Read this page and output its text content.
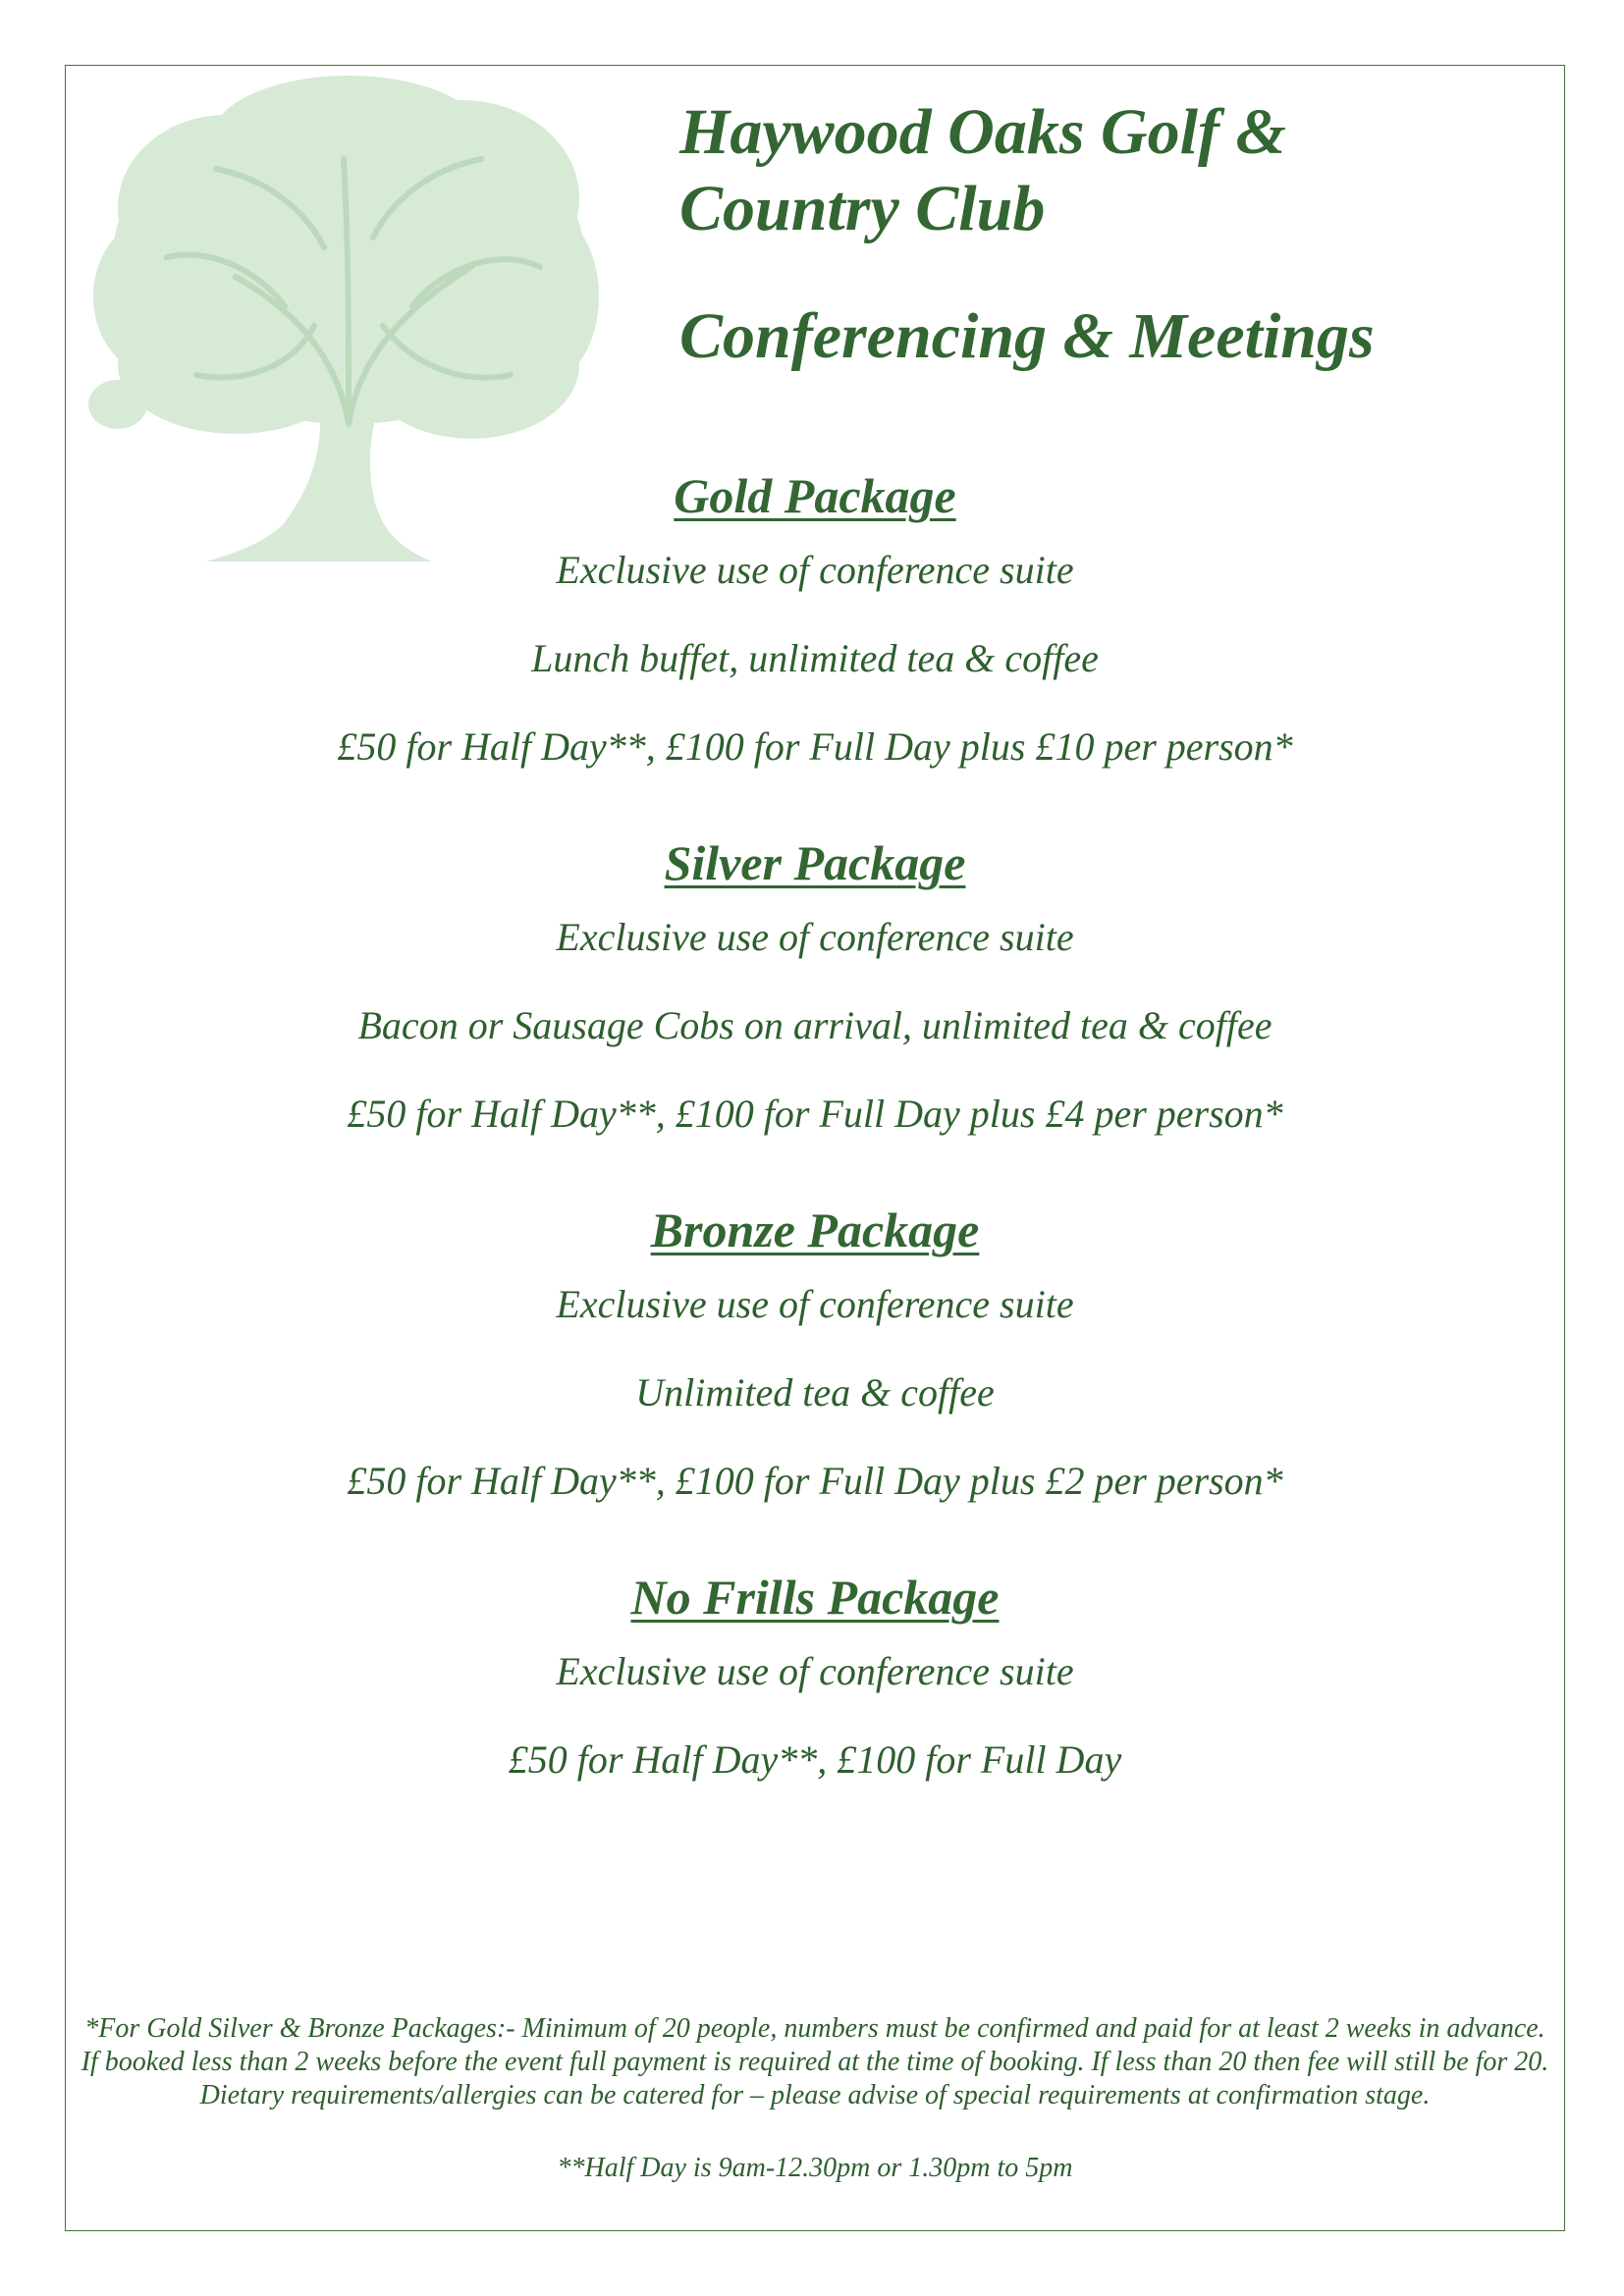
Haywood Oaks Golf &
Country Club

Conferencing & Meetings

Gold Package

Exclusive use of conference suite

Lunch buffet, unlimited tea & coffee

£50 for Half Day**, £100 for Full Day plus £10 per person*

Silver Package

Exclusive use of conference suite

Bacon or Sausage Cobs on arrival, unlimited tea & coffee

£50 for Half Day**, £100 for Full Day plus £4 per person*

Bronze Package

Exclusive use of conference suite

Unlimited tea & coffee

£50 for Half Day**, £100 for Full Day plus £2 per person*

No Frills Package

Exclusive use of conference suite

£50 for Half Day**, £100 for Full Day

*For Gold Silver & Bronze Packages:- Minimum of 20 people, numbers must be confirmed and paid for at least 2 weeks in advance. If booked less than 2 weeks before the event full payment is required at the time of booking. If less than 20 then fee will still be for 20. Dietary requirements/allergies can be catered for – please advise of special requirements at confirmation stage.

**Half Day is 9am-12.30pm or 1.30pm to 5pm
